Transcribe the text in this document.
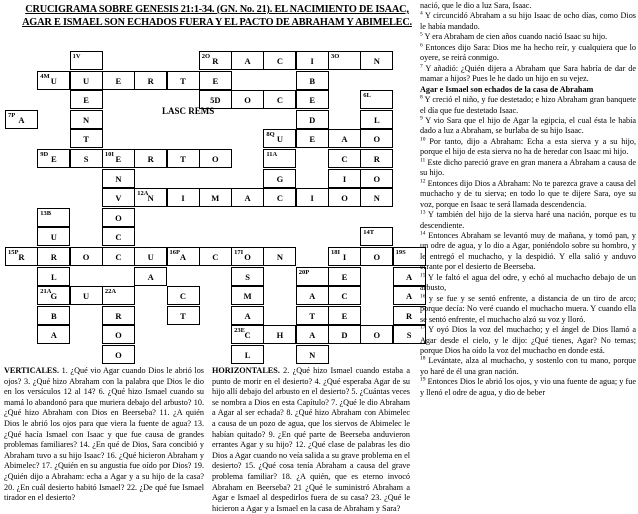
CRUCIGRAMA SOBRE GENESIS 21:1-34. (GN. No. 21). EL NACIMIENTO DE ISAAC,
AGAR E ISMAEL SON ECHADOS FUERA Y EL PACTO DE ABRAHAM Y ABIMELEC.
1V	2O R	A	C	I	3O	N
4M U	U	E	R	T	E	B
E	5D	O	C	E	6L
7P A	N	D	L
T	8Q U	E	A	O
9D E	S	10I E	R	T	O	11A	C	R
N	G	I	O
V	12A N	I	M	A	C	I	O	N
13B	O
U	C	14T
15P R	R	O	C	U	16P A	C	17I O	N	18I I	O	19S
L	A	S	20P	E	A
21A
G	U	22A	C	M	A	C	A
B	R	T	A	T	E	R
A	O	23E C	H	A	D	O	S
O	L	N
LASC REMS
VERTICALES. 1. ¿Qué vio Agar cuando Dios le abrió los ojos? 3. ¿Qué hizo Abraham con la palabra que Dios le dio en los versículos 12 al 14? 6. ¿Qué hizo Ismael cuando su mamá lo abandonó para que muriera debajo del arbusto? 10. ¿Qué hizo Abraham con Dios en Beerseba? 11. ¿A quién Dios le abrió los ojos para que viera la fuente de agua? 13. ¿Qué hacía Ismael con Isaac y que fue causa de grandes problemas familiares? 14. ¿En qué de Dios, Sara concibió y Abraham tuvo a su hijo Isaac? 16. ¿Qué hicieron Abraham y Abimelec? 17. ¿Quién en su angustia fue oído por Dios? 19. ¿Quién dijo a Abraham: echa a Agar y a su hijo de la casa? 20. ¿En cuál desierto habitó Ismael? 22. ¿De qué fue Ismael tirador en el desierto?
HORIZONTALES. 2. ¿Qué hizo Ismael cuando estaba a punto de morir en el desierto? 4. ¿Qué esperaba Agar de su hijo allí debajo del arbusto en el desierto? 5. ¿Cuántas veces se nombra a Dios en esta Capítulo? 7. ¿Qué le dio Abraham a Agar al ser echada? 8. ¿Qué hizo Abraham con Abimelec a causa de un pozo de agua, que los siervos de Abimelec le habían quitado? 9. ¿En qué parte de Beerseba anduvieron errantes Agar y su hijo? 12. ¿Qué clase de palabras les dio Dios a Agar cuando no veía salida a su grave problema en el desierto? 15. ¿Qué cosa tenía Abraham a causa del grave problema familiar? 18. ¿A quién, que es eterno invocó Abraham en Beerseba? 21 ¿Qué le suministró Abraham a Agar e Ismael al despedirlos fuera de su casa? 23. ¿Qué le hicieron a Agar y a Ismael en la casa de Abraham y Sara?
nació, que le dio a luz Sara, Isaac.
$^4$ Y circuncidó Abraham a su hijo Isaac de ocho días, como Dios le había mandado.
$^5$ Y era Abraham de cien años cuando nació Isaac su hijo.
$^6$ Entonces dijo Sara: Dios me ha hecho reír, y cualquiera que lo oyere, se reirá conmigo.
$^7$ Y añadió: ¿Quién dijera a Abraham que Sara habría de dar de mamar a hijos? Pues le he dado un hijo en su vejez.
Agar e Ismael son echados de la casa de Abraham
$^8$ Y creció el niño, y fue destetado; e hizo Abraham gran banquete el día que fue destetado Isaac.
$^9$ Y vio Sara que el hijo de Agar la egipcia, el cual ésta le había dado a luz a Abraham, se burlaba de su hijo Isaac.
$^{10}$ Por tanto, dijo a Abraham: Echa a esta sierva y a su hijo, porque el hijo de esta sierva no ha de heredar con Isaac mi hijo.
$^{11}$ Este dicho pareció grave en gran manera a Abraham a causa de su hijo.
$^{12}$ Entonces dijo Dios a Abraham: No te parezca grave a causa del muchacho y de tu sierva; en todo lo que te dijere Sara, oye su voz, porque en Isaac te será llamada descendencia.
$^{13}$ Y también del hijo de la sierva haré una nación, porque es tu descendiente.
$^{14}$ Entonces Abraham se levantó muy de mañana, y tomó pan, y un odre de agua, y lo dio a Agar, poniéndolo sobre su hombro, y le entregó el muchacho, y la despidió. Y ella salió y anduvo errante por el desierto de Beerseba.
$^{15}$ Y le faltó el agua del odre, y echó al muchacho debajo de un arbusto,
$^{16}$ y se fue y se sentó enfrente, a distancia de un tiro de arco; porque decía: No veré cuando el muchacho muera. Y cuando ella se sentó enfrente, el muchacho alzó su voz y lloró.
$^{17}$ Y oyó Dios la voz del muchacho; y el ángel de Dios llamó a Agar desde el cielo, y le dijo: ¿Qué tienes, Agar? No temas; porque Dios ha oído la voz del muchacho en donde está.
$^{18}$ Levántate, alza al muchacho, y sostenlo con tu mano, porque yo haré de él una gran nación.
$^{19}$ Entonces Dios le abrió los ojos, y vio una fuente de agua; y fue y llenó el odre de agua, y dio de beber
